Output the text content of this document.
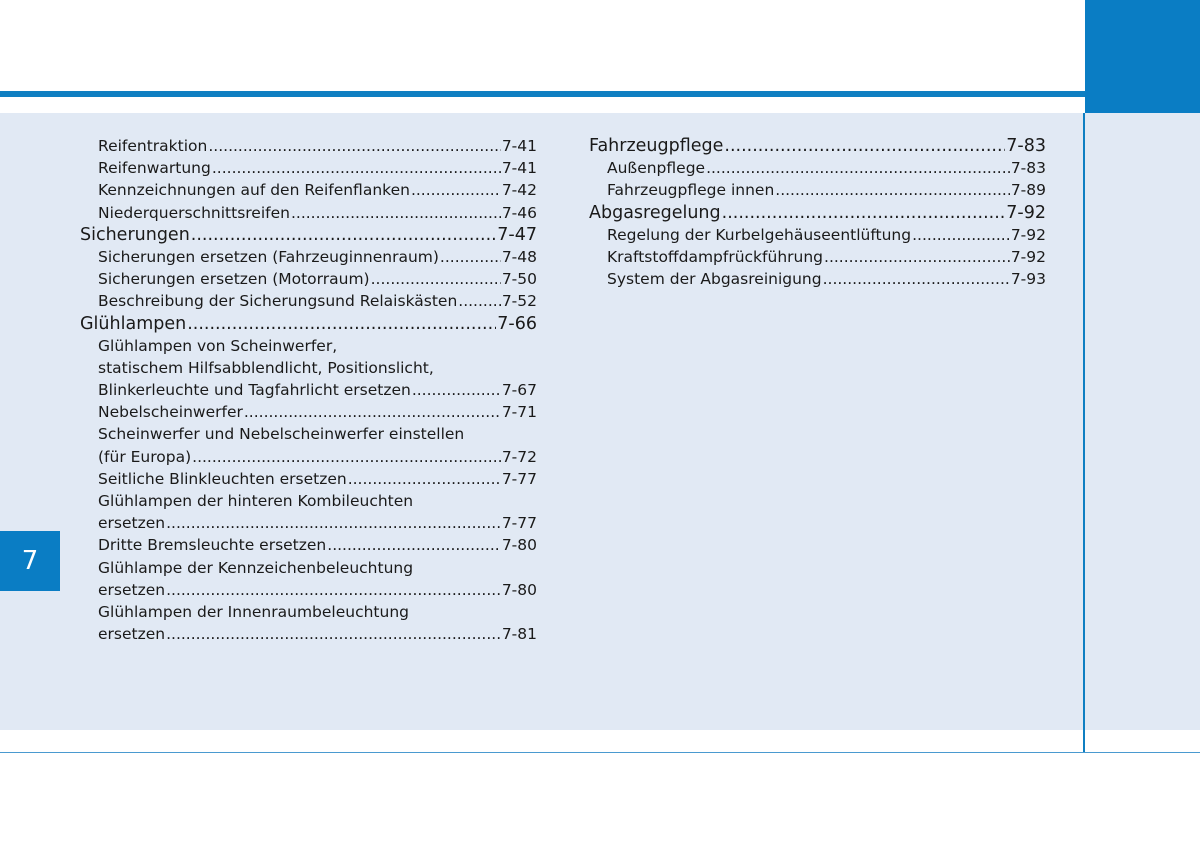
7
Reifentraktion .....	7-41
Reifenwartung .....	7-41
Kennzeichnungen auf den Reifenflanken .....	7-42
Niederquerschnittsreifen .....	7-46
Sicherungen .....	7-47
Sicherungen ersetzen (Fahrzeuginnenraum) .....	7-48
Sicherungen ersetzen (Motorraum) .....	7-50
Beschreibung der Sicherungsund Relaiskästen .....	7-52
Glühlampen .....	7-66
Glühlampen von Scheinwerfer,
statischem Hilfsabblendlicht, Positionslicht,
Blinkerleuchte und Tagfahrlicht ersetzen .....	7-67
Nebelscheinwerfer .....	7-71
Scheinwerfer und Nebelscheinwerfer einstellen
(für Europa) .....	7-72
Seitliche Blinkleuchten ersetzen .....	7-77
Glühlampen der hinteren Kombileuchten
ersetzen .....	7-77
Dritte Bremsleuchte ersetzen .....	7-80
Glühlampe der Kennzeichenbeleuchtung
ersetzen .....	7-80
Glühlampen der Innenraumbeleuchtung
ersetzen .....	7-81
Fahrzeugpflege .....	7-83
Außenpflege .....	7-83
Fahrzeugpflege innen .....	7-89
Abgasregelung .....	7-92
Regelung der Kurbelgehäuseentlüftung .....	7-92
Kraftstoffdampfrückführung .....	7-92
System der Abgasreinigung .....	7-93
